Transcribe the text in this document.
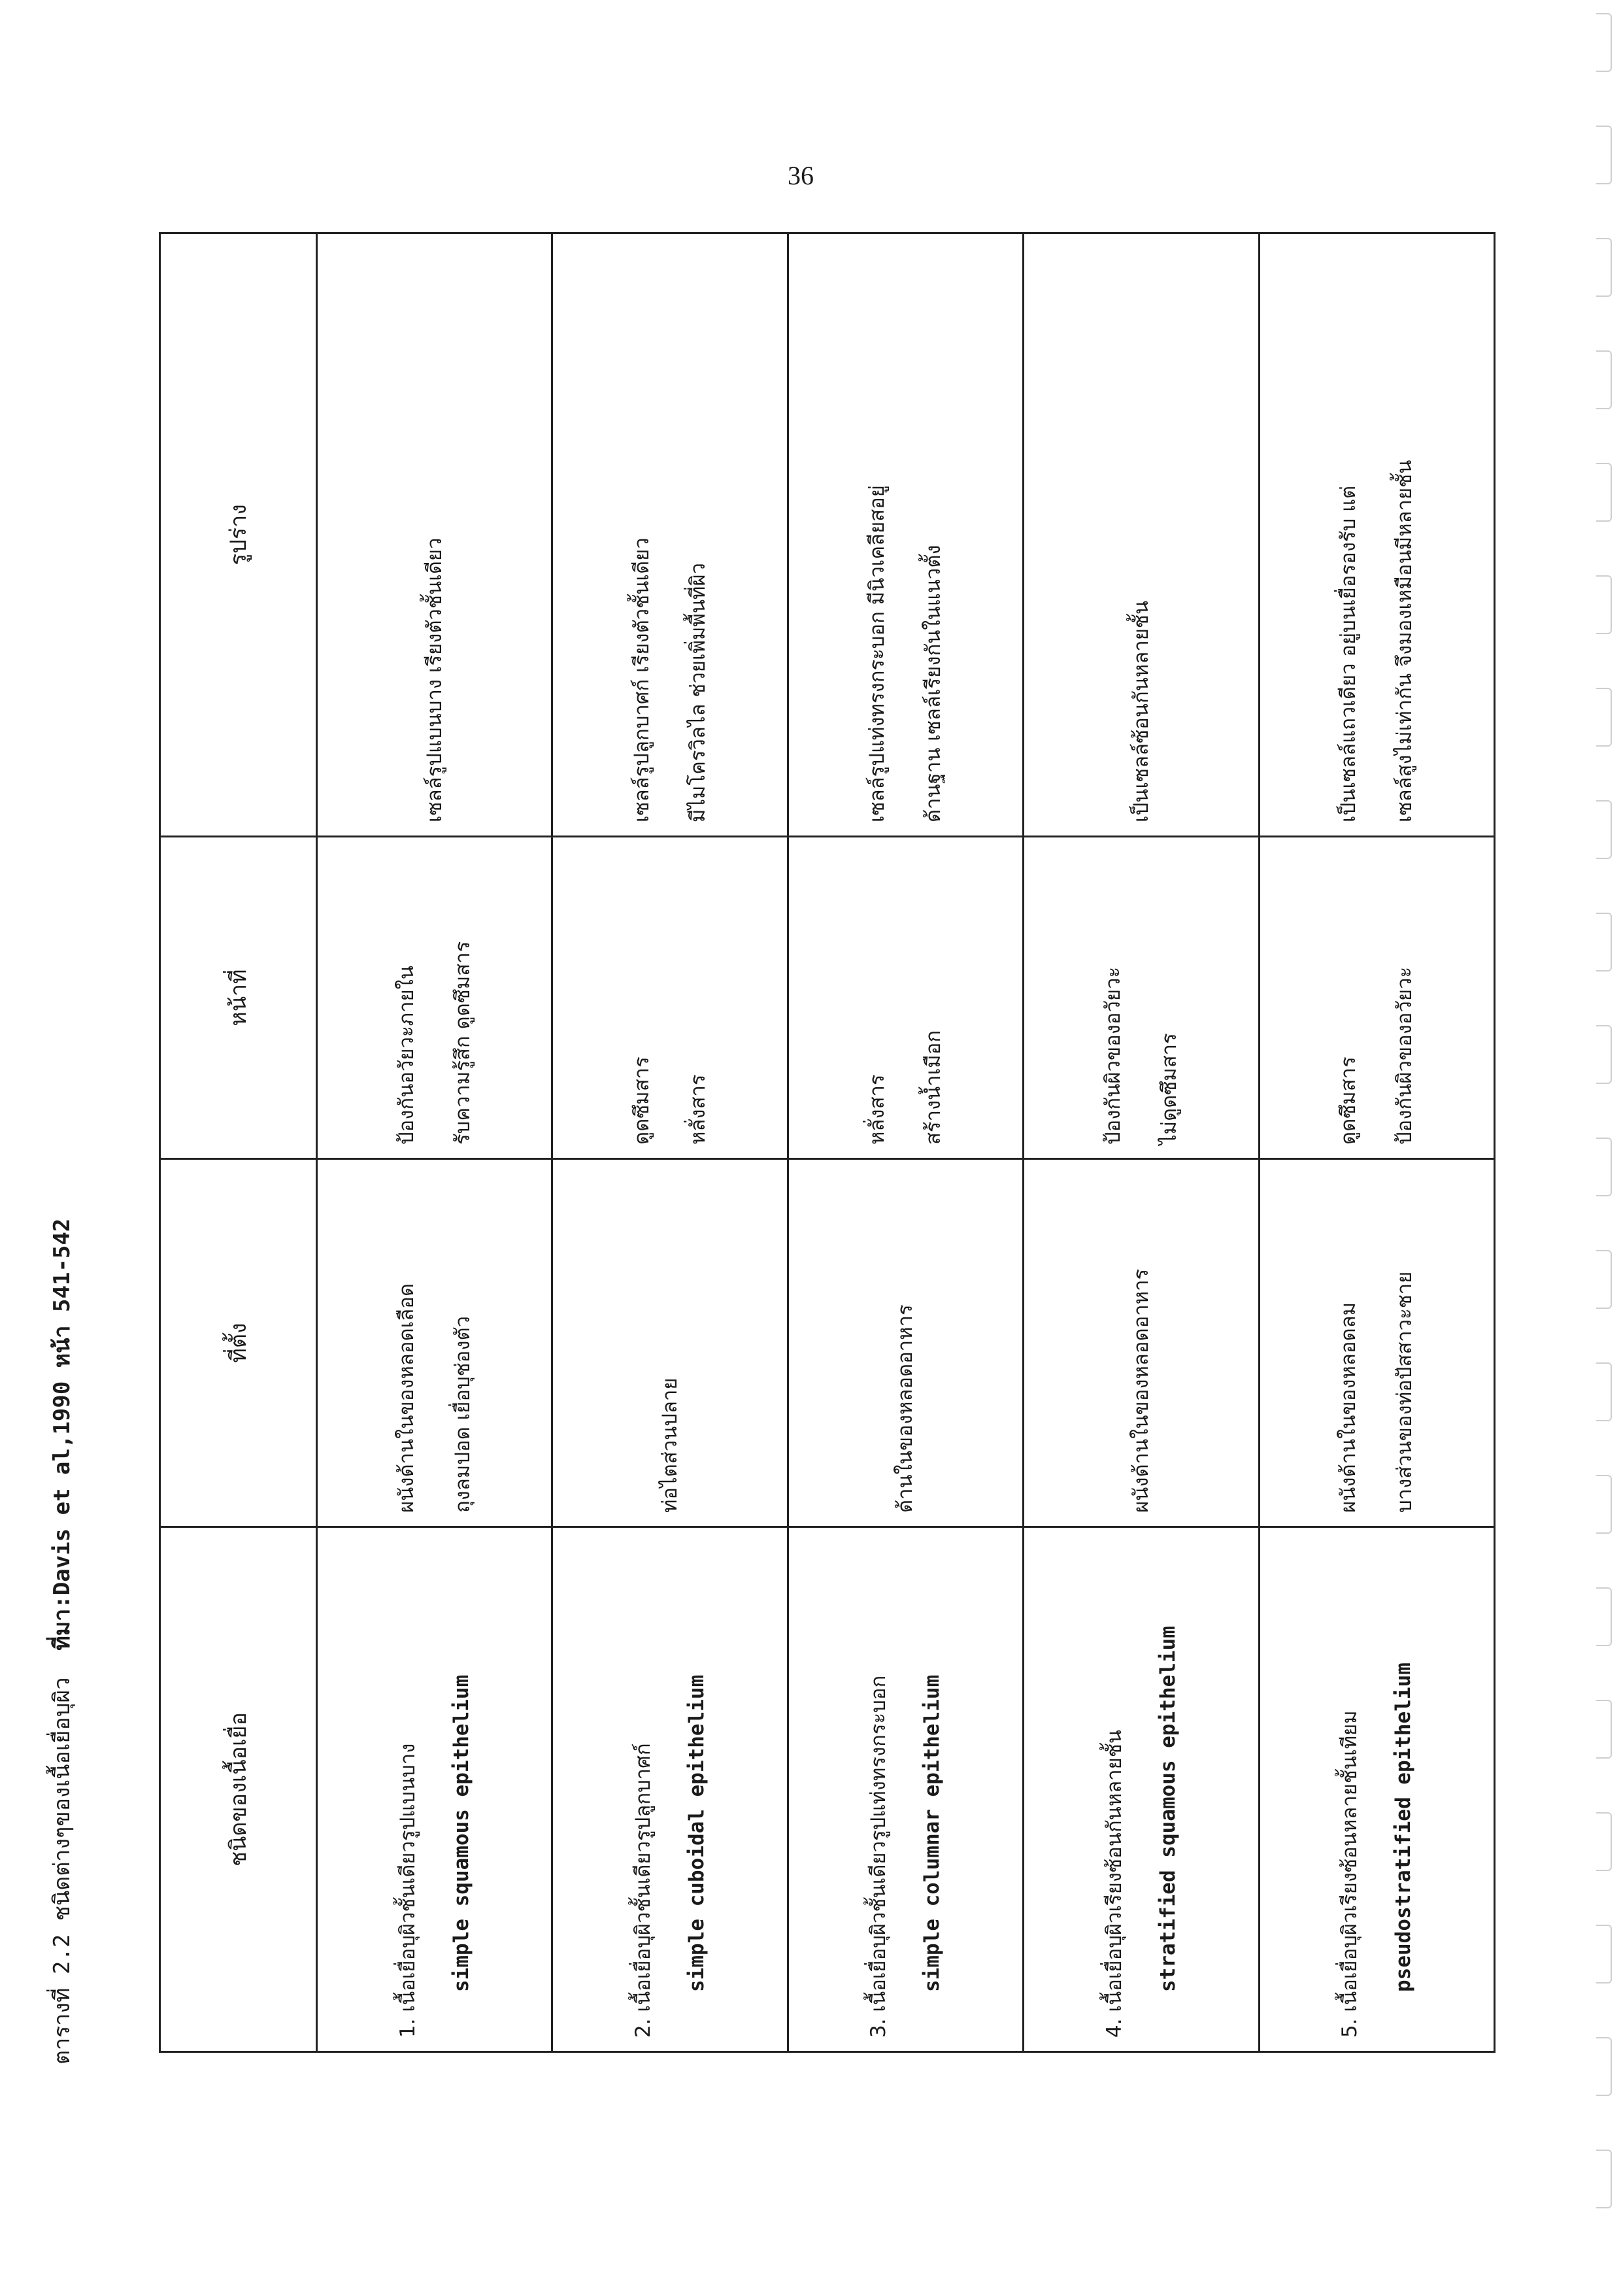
36
ตารางที่ 2.2 ชนิดต่างๆของเนื้อเยื่อบุผิว  ที่มา:Davis et al,1990 หน้า 541-542
ชนิดของเนื้อเยื่อ	ที่ตั้ง	หน้าที่	รูปร่าง

1. เนื้อเยื่อบุผิวชั้นเดียวรูปแบนบาง simple squamous epithelium	ผนังด้านในของหลอดเลือด ถุงลมปอด เยื่อบุช่องตัว	ป้องกันอวัยวะภายใน รับความรู้สึก ดูดซึมสาร	เซลล์รูปแบนบาง เรียงตัวชั้นเดียว

2. เนื้อเยื่อบุผิวชั้นเดียวรูปลูกบาศก์ simple cuboidal epithelium	ท่อไตส่วนปลาย	ดูดซึมสาร หลั่งสาร	เซลล์รูปลูกบาศก์ เรียงตัวชั้นเดียว มีไมโครวิลไล ช่วยเพิ่มพื้นที่ผิว

3. เนื้อเยื่อบุผิวชั้นเดียวรูปแท่งทรงกระบอก simple columnar epithelium	ด้านในของหลอดอาหาร	หลั่งสาร สร้างน้ำเมือก	เซลล์รูปแท่งทรงกระบอก มีนิวเคลียสอยู่ ด้านฐาน เซลล์เรียงกันในแนวตั้ง

4. เนื้อเยื่อบุผิวเรียงซ้อนกันหลายชั้น stratified squamous epithelium	ผนังด้านในของหลอดอาหาร	ป้องกันผิวของอวัยวะ ไม่ดูดซึมสาร	เป็นเซลล์ซ้อนกันหลายชั้น

5. เนื้อเยื่อบุผิวเรียงซ้อนหลายชั้นเทียม pseudostratified epithelium	ผนังด้านในของหลอดลม บางส่วนของท่อปัสสาวะชาย	ดูดซึมสาร ป้องกันผิวของอวัยวะ	เป็นเซลล์แถวเดียว อยู่บนเยื่อรองรับ แต่ เซลล์สูงไม่เท่ากัน จึงมองเหมือนมีหลายชั้น
